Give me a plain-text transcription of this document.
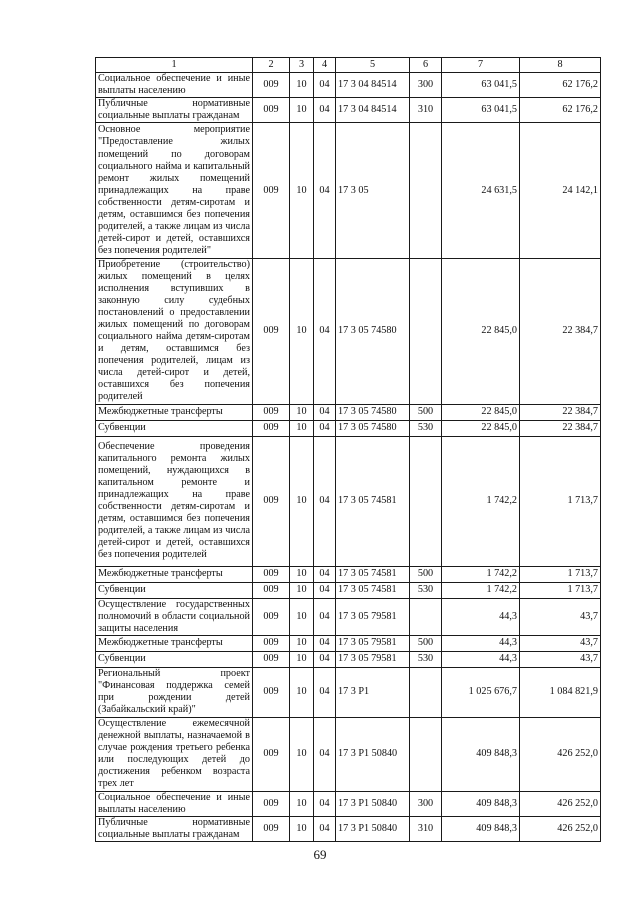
1	2	3	4	5	6	7	8
Социальное обеспечение и иные выплаты населению	009	10	04	17 3 04 84514	300	63 041,5	62 176,2
Публичные нормативные социальные выплаты гражданам	009	10	04	17 3 04 84514	310	63 041,5	62 176,2
Основное мероприятие "Предоставление жилых помещений по договорам социального найма и капитальный ремонт жилых помещений принадлежащих на праве собственности детям-сиротам и детям, оставшимся без попечения родителей, а также лицам из числа детей-сирот и детей, оставшихся без попечения родителей"	009	10	04	17 3 05		24 631,5	24 142,1
Приобретение (строительство) жилых помещений в целях исполнения вступивших в законную силу судебных постановлений о предоставлении жилых помещений по договорам социального найма детям-сиротам и детям, оставшимся без попечения родителей, лицам из числа детей-сирот и детей, оставшихся без попечения родителей	009	10	04	17 3 05 74580		22 845,0	22 384,7
Межбюджетные трансферты	009	10	04	17 3 05 74580	500	22 845,0	22 384,7
Субвенции	009	10	04	17 3 05 74580	530	22 845,0	22 384,7
Обеспечение проведения капитального ремонта жилых помещений, нуждающихся в капитальном ремонте и принадлежащих на праве собственности детям-сиротам и детям, оставшимся без попечения родителей, а также лицам из числа детей-сирот и детей, оставшихся без попечения родителей	009	10	04	17 3 05 74581		1 742,2	1 713,7
Межбюджетные трансферты	009	10	04	17 3 05 74581	500	1 742,2	1 713,7
Субвенции	009	10	04	17 3 05 74581	530	1 742,2	1 713,7
Осуществление государственных полномочий в области социальной защиты населения	009	10	04	17 3 05 79581		44,3	43,7
Межбюджетные трансферты	009	10	04	17 3 05 79581	500	44,3	43,7
Субвенции	009	10	04	17 3 05 79581	530	44,3	43,7
Региональный проект "Финансовая поддержка семей при рождении детей (Забайкальский край)"	009	10	04	17 3 P1		1 025 676,7	1 084 821,9
Осуществление ежемесячной денежной выплаты, назначаемой в случае рождения третьего ребенка или последующих детей до достижения ребенком возраста трех лет	009	10	04	17 3 P1 50840		409 848,3	426 252,0
Социальное обеспечение и иные выплаты населению	009	10	04	17 3 P1 50840	300	409 848,3	426 252,0
Публичные нормативные социальные выплаты гражданам	009	10	04	17 3 P1 50840	310	409 848,3	426 252,0
69
